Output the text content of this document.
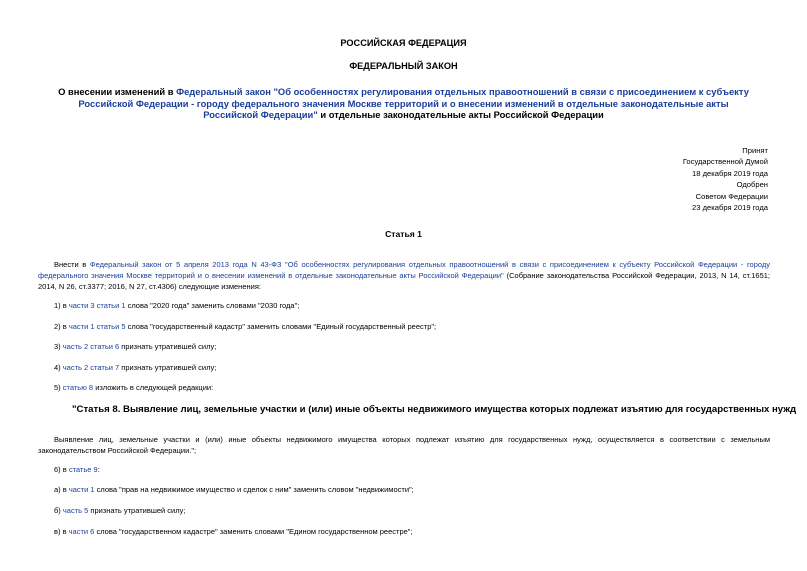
РОССИЙСКАЯ ФЕДЕРАЦИЯ
ФЕДЕРАЛЬНЫЙ ЗАКОН
О внесении изменений в Федеральный закон "Об особенностях регулирования отдельных правоотношений в связи с присоединением к субъекту Российской Федерации - городу федерального значения Москве территорий и о внесении изменений в отдельные законодательные акты Российской Федерации" и отдельные законодательные акты Российской Федерации
Принят
Государственной Думой
18 декабря 2019 года
Одобрен
Советом Федерации
23 декабря 2019 года
Статья 1
Внести в Федеральный закон от 5 апреля 2013 года N 43-ФЗ "Об особенностях регулирования отдельных правоотношений в связи с присоединением к субъекту Российской Федерации - городу федерального значения Москве территорий и о внесении изменений в отдельные законодательные акты Российской Федерации" (Собрание законодательства Российской Федерации, 2013, N 14, ст.1651; 2014, N 26, ст.3377; 2016, N 27, ст.4306) следующие изменения:
1) в части 3 статьи 1 слова "2020 года" заменить словами "2030 года";
2) в части 1 статьи 5 слова "государственный кадастр" заменить словами "Единый государственный реестр";
3) часть 2 статьи 6 признать утратившей силу;
4) часть 2 статьи 7 признать утратившей силу;
5) статью 8 изложить в следующей редакции:
"Статья 8. Выявление лиц, земельные участки и (или) иные объекты недвижимого имущества которых подлежат изъятию для государственных нужд
Выявление лиц, земельные участки и (или) иные объекты недвижимого имущества которых подлежат изъятию для государственных нужд, осуществляется в соответствии с земельным законодательством Российской Федерации.";
6) в статье 9:
а) в части 1 слова "прав на недвижимое имущество и сделок с ним" заменить словом "недвижимости";
б) часть 5 признать утратившей силу;
в) в части 6 слова "государственном кадастре" заменить словами "Едином государственном реестре";
